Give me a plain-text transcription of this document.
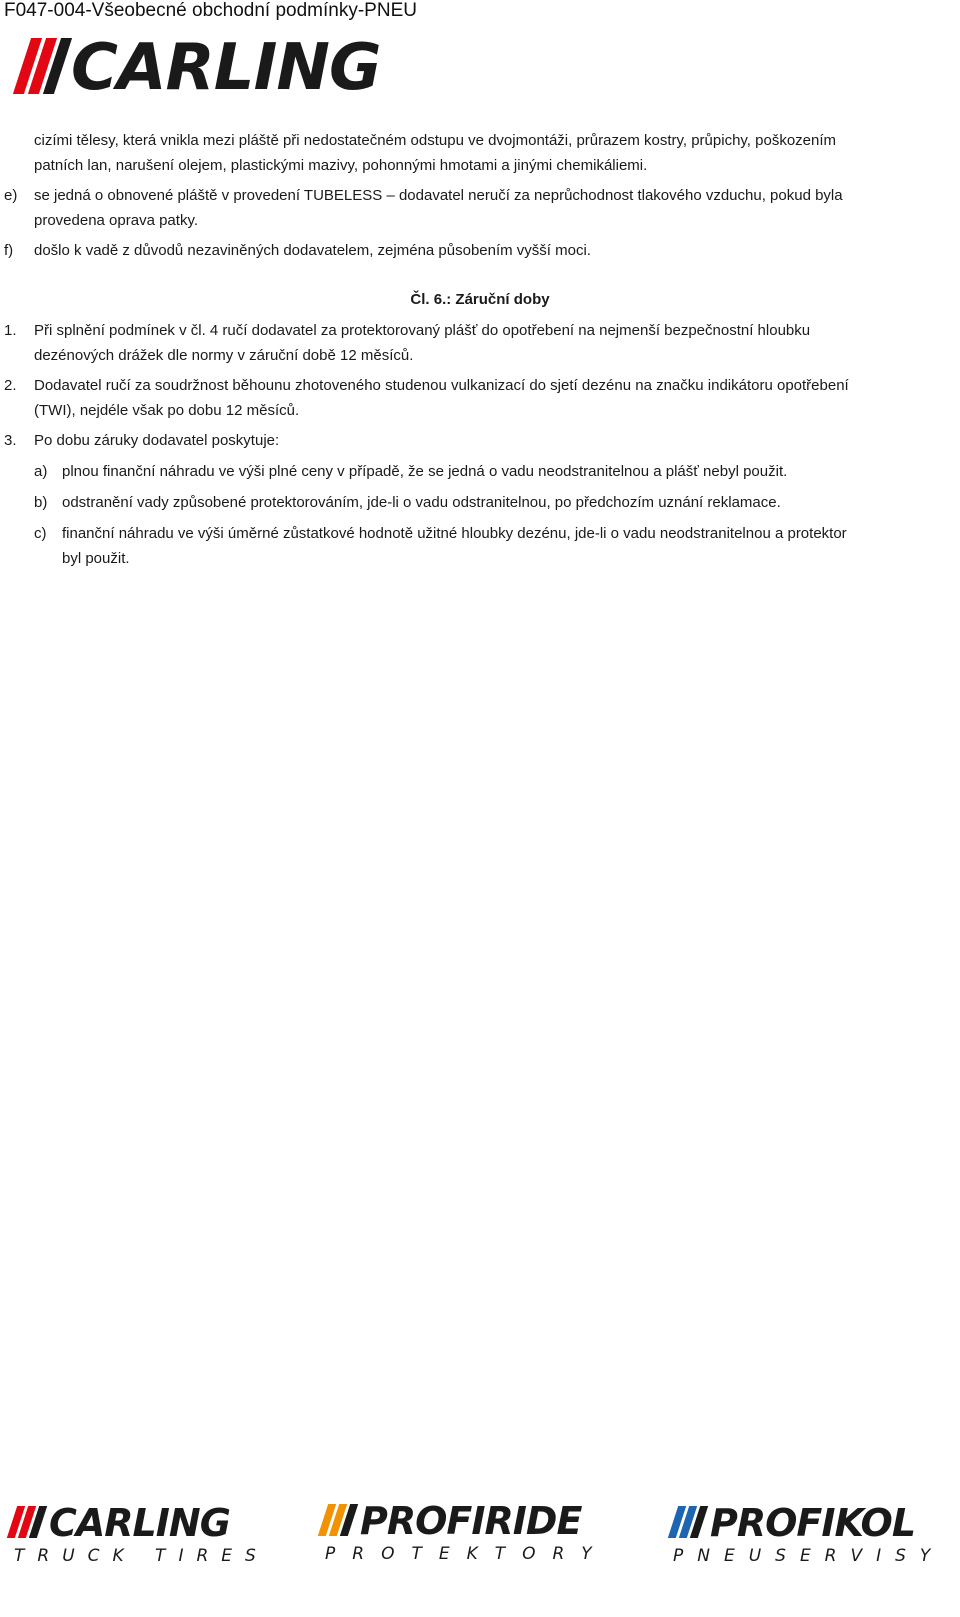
F047-004-Všeobecné obchodní podmínky-PNEU
CARLING
cizími tělesy, která vnikla mezi pláště při nedostatečném odstupu ve dvojmontáži, průrazem kostry, průpichy, poškozením
patních lan, narušení olejem, plastickými mazivy, pohonnými hmotami a jinými chemikáliemi.
e) se jedná o obnovené pláště v provedení TUBELESS – dodavatel neručí za neprůchodnost tlakového vzduchu, pokud byla
provedena oprava patky.
f) došlo k vadě z důvodů nezaviněných dodavatelem, zejména působením vyšší moci.
Čl. 6.: Záruční doby
1. Při splnění podmínek v čl. 4 ručí dodavatel za protektorovaný plášť do opotřebení na nejmenší bezpečnostní hloubku
dezénových drážek dle normy v záruční době 12 měsíců.
2. Dodavatel ručí za soudržnost běhounu zhotoveného studenou vulkanizací do sjetí dezénu na značku indikátoru opotřebení
(TWI), nejdéle však po dobu 12 měsíců.
3. Po dobu záruky dodavatel poskytuje:
a) plnou finanční náhradu ve výši plné ceny v případě, že se jedná o vadu neodstranitelnou a plášť nebyl použit.
b) odstranění vady způsobené protektorováním, jde-li o vadu odstranitelnou, po předchozím uznání reklamace.
c) finanční náhradu ve výši úměrné zůstatkové hodnotě užitné hloubky dezénu, jde-li o vadu neodstranitelnou a protektor
byl použit.
CARLING
TRUCK TIRES
PROFIRIDE
PROTEKTORY
PROFIKOL
PNEUSERVISY
